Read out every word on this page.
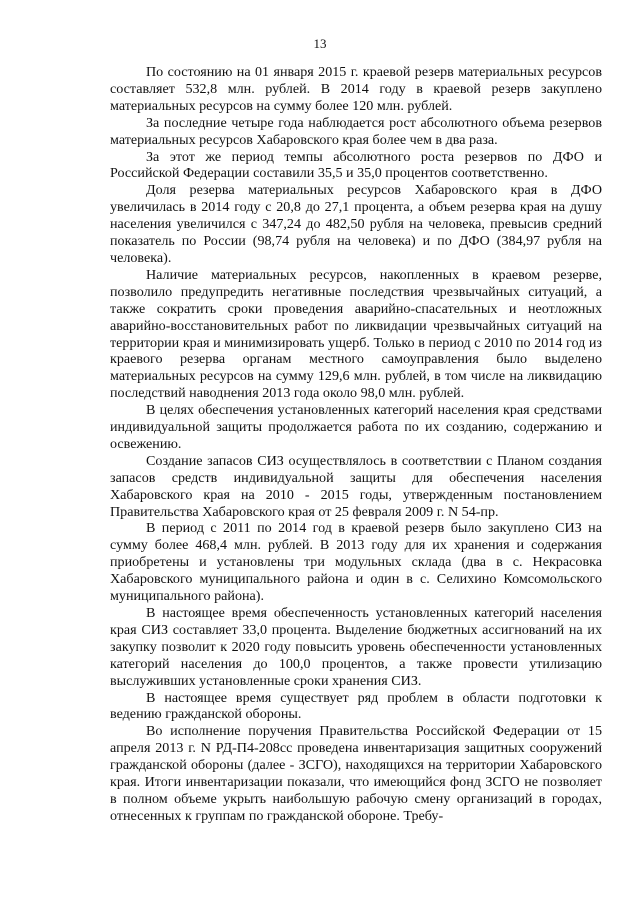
13

По состоянию на 01 января 2015 г. краевой резерв материальных ресурсов составляет 532,8 млн. рублей. В 2014 году в краевой резерв закуплено материальных ресурсов на сумму более 120 млн. рублей.

За последние четыре года наблюдается рост абсолютного объема резервов материальных ресурсов Хабаровского края более чем в два раза.

За этот же период темпы абсолютного роста резервов по ДФО и Российской Федерации составили 35,5 и 35,0 процентов соответственно.

Доля резерва материальных ресурсов Хабаровского края в ДФО увеличилась в 2014 году с 20,8 до 27,1 процента, а объем резерва края на душу населения увеличился с 347,24 до 482,50 рубля на человека, превысив средний показатель по России (98,74 рубля на человека) и по ДФО (384,97 рубля на человека).

Наличие материальных ресурсов, накопленных в краевом резерве, позволило предупредить негативные последствия чрезвычайных ситуаций, а также сократить сроки проведения аварийно-спасательных и неотложных аварийно-восстановительных работ по ликвидации чрезвычайных ситуаций на территории края и минимизировать ущерб. Только в период с 2010 по 2014 год из краевого резерва органам местного самоуправления было выделено материальных ресурсов на сумму 129,6 млн. рублей, в том числе на ликвидацию последствий наводнения 2013 года около 98,0 млн. рублей.

В целях обеспечения установленных категорий населения края средствами индивидуальной защиты продолжается работа по их созданию, содержанию и освежению.

Создание запасов СИЗ осуществлялось в соответствии с Планом создания запасов средств индивидуальной защиты для обеспечения населения Хабаровского края на 2010 - 2015 годы, утвержденным постановлением Правительства Хабаровского края от 25 февраля 2009 г. N 54-пр.

В период с 2011 по 2014 год в краевой резерв было закуплено СИЗ на сумму более 468,4 млн. рублей. В 2013 году для их хранения и содержания приобретены и установлены три модульных склада (два в с. Некрасовка Хабаровского муниципального района и один в с. Селихино Комсомольского муниципального района).

В настоящее время обеспеченность установленных категорий населения края СИЗ составляет 33,0 процента. Выделение бюджетных ассигнований на их закупку позволит к 2020 году повысить уровень обеспеченности установленных категорий населения до 100,0 процентов, а также провести утилизацию выслуживших установленные сроки хранения СИЗ.

В настоящее время существует ряд проблем в области подготовки к ведению гражданской обороны.

Во исполнение поручения Правительства Российской Федерации от 15 апреля 2013 г. N РД-П4-208сс проведена инвентаризация защитных сооружений гражданской обороны (далее - ЗСГО), находящихся на территории Хабаровского края. Итоги инвентаризации показали, что имеющийся фонд ЗСГО не позволяет в полном объеме укрыть наибольшую рабочую смену организаций в городах, отнесенных к группам по гражданской обороне. Требу-
